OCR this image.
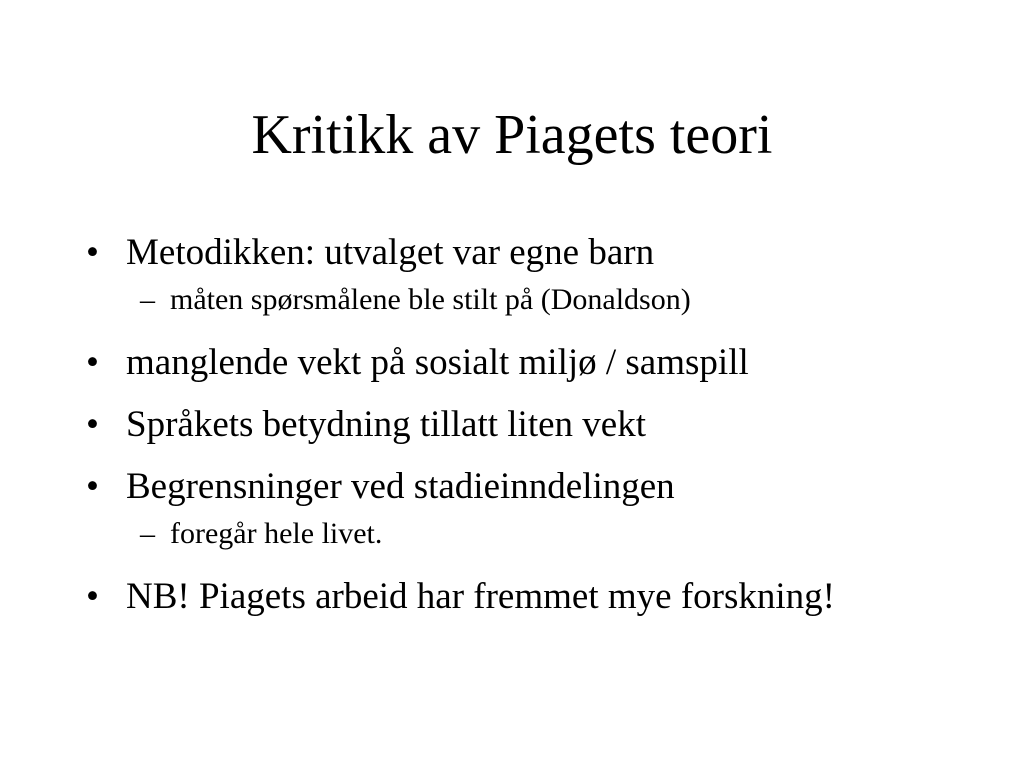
Kritikk av Piagets teori
• Metodikken: utvalget var egne barn
– måten spørsmålene ble stilt på (Donaldson)
• manglende vekt på sosialt miljø / samspill
• Språkets betydning tillatt liten vekt
• Begrensninger ved stadieinndelingen
– foregår hele livet.
• NB! Piagets arbeid har fremmet mye forskning!
